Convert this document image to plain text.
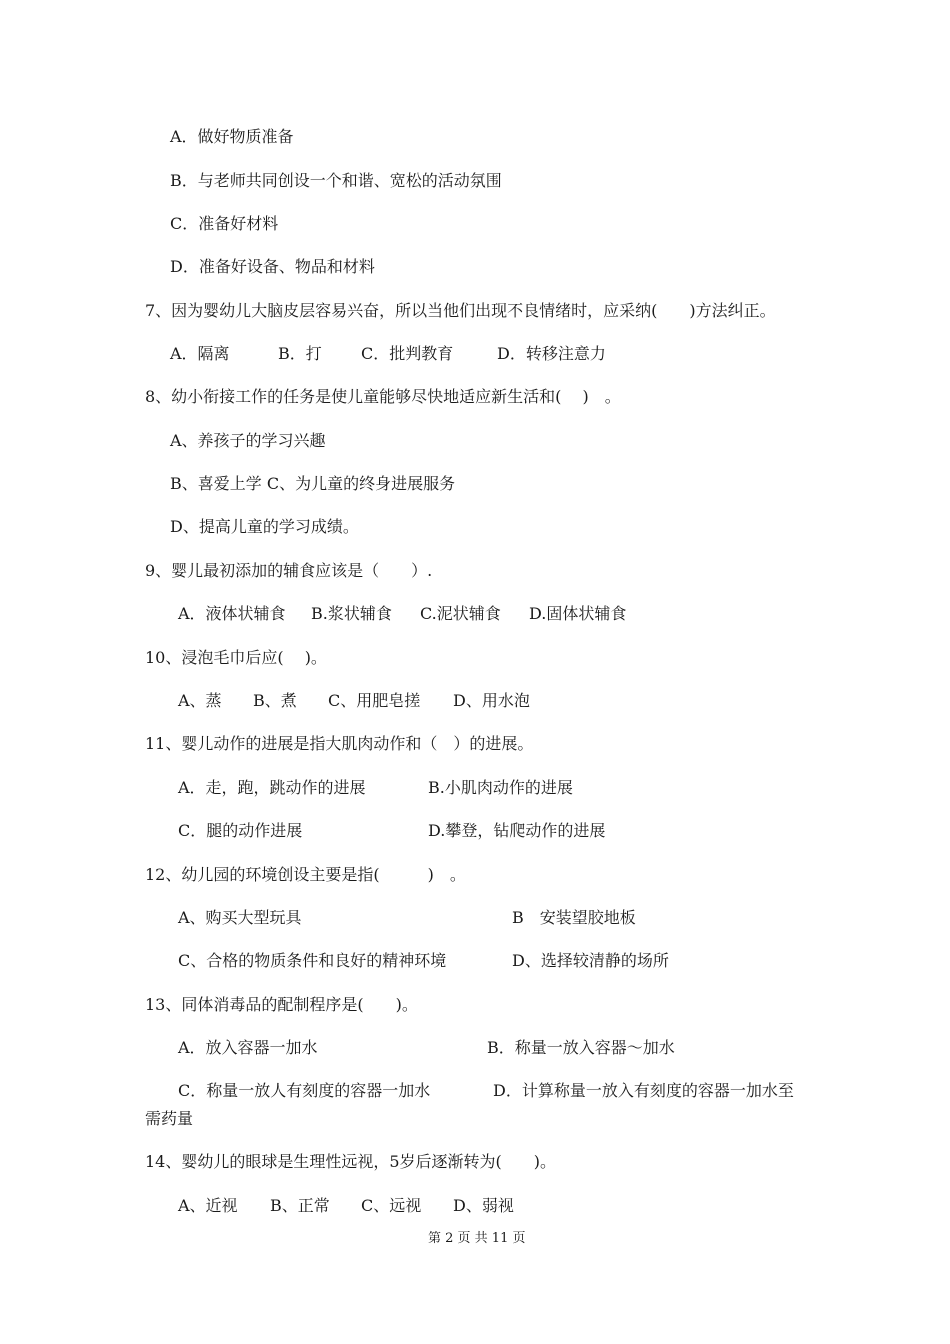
A．做好物质准备
B．与老师共同创设一个和谐、宽松的活动氛围
C．准备好材料
D．准备好设备、物品和材料
7、因为婴幼儿大脑皮层容易兴奋，所以当他们出现不良情绪时，应采纳(　　)方法纠正。
A．隔离	B．打 C．批判教育	D．转移注意力
8、幼小衔接工作的任务是使儿童能够尽快地适应新生活和(　 )　。
A、养孩子的学习兴趣
B、喜爱上学 C、为儿童的终身进展服务
D、提高儿童的学习成绩。
9、婴儿最初添加的辅食应该是（　　）.
A．液体状辅食 B.浆状辅食 C.泥状辅食 D.固体状辅食
10、浸泡毛巾后应(　 )。
A、蒸 B、煮 C、用肥皂搓 D、用水泡
11、婴儿动作的进展是指大肌肉动作和（　）的进展。
A．走，跑，跳动作的进展	B.小肌肉动作的进展
C．腿的动作进展	D.攀登，钻爬动作的进展
12、幼儿园的环境创设主要是指(　　　)　。
A、购买大型玩具	B　安装望胶地板
C、合格的物质条件和良好的精神环境	D、选择较清静的场所
13、同体消毒品的配制程序是(　　)。
A．放入容器一加水	B．称量一放入容器～加水
C．称量一放人有刻度的容器一加水	D．计算称量一放入有刻度的容器一加水至
需药量
14、婴幼儿的眼球是生理性远视，5岁后逐渐转为(　　)。
A、近视 B、正常 C、远视 D、弱视
第 2 页 共 11 页
